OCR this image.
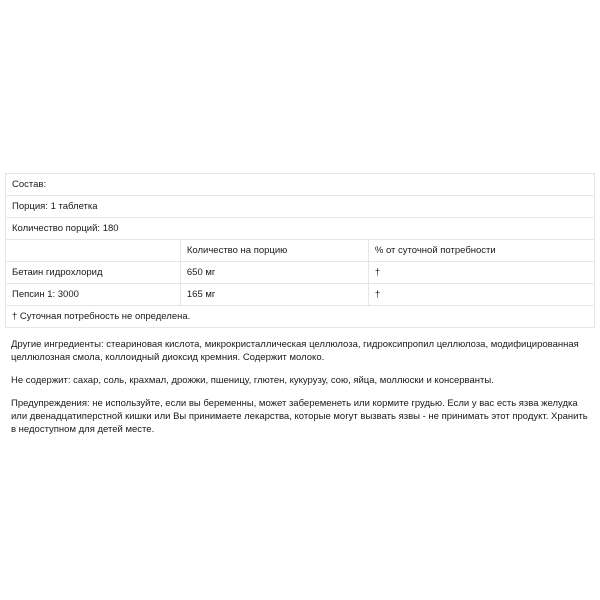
Состав:		
Порция: 1 таблетка		
Количество порций: 180		
	Количество на порцию	% от суточной потребности
Бетаин гидрохлорид	650 мг	†
Пепсин 1: 3000	165 мг	†
† Суточная потребность не определена.		

Другие ингредиенты: стеариновая кислота, микрокристаллическая целлюлоза, гидроксипропил целлюлоза, модифицированная целлюлозная смола, коллоидный диоксид кремния. Содержит молоко.

Не содержит: сахар, соль, крахмал, дрожжи, пшеницу, глютен, кукурузу, сою, яйца, моллюски и консерванты.

Предупреждения: не используйте, если вы беременны, может забеременеть или кормите грудью. Если у вас есть язва желудка или двенадцатиперстной кишки или Вы принимаете лекарства, которые могут вызвать язвы - не принимать этот продукт. Хранить в недоступном для детей месте.
